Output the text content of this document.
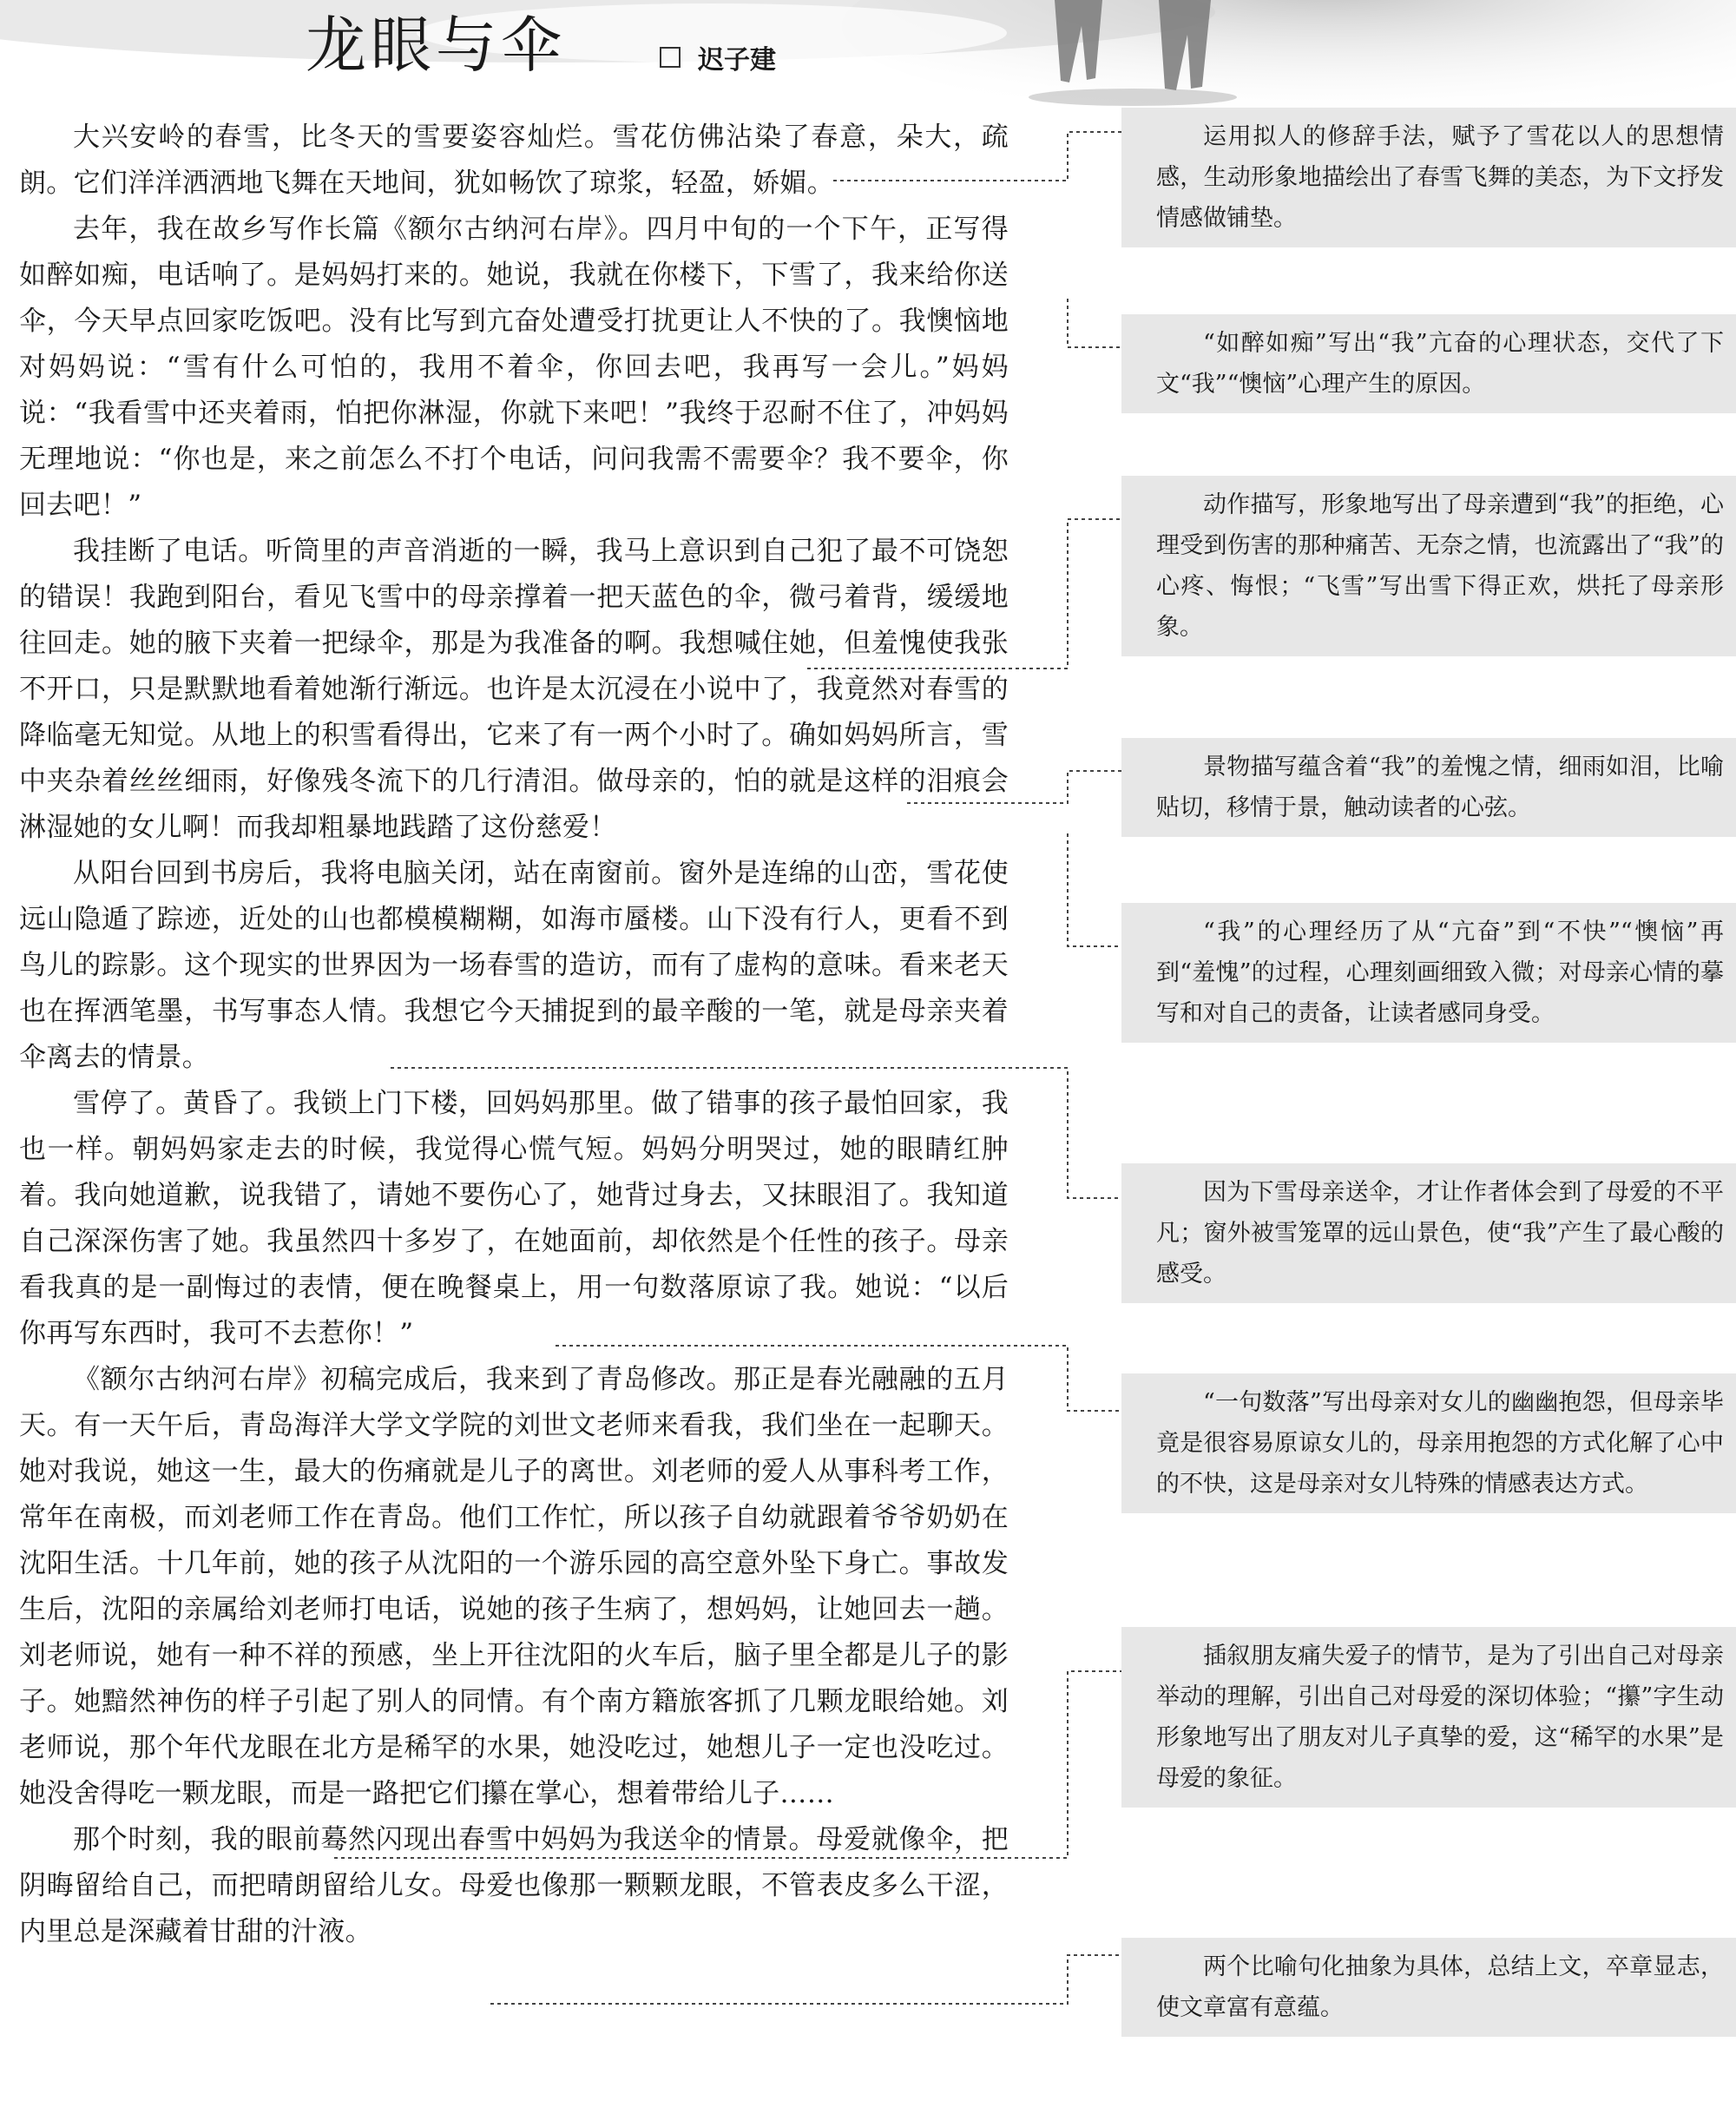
龙眼与伞	迟子建

大兴安岭的春雪，比冬天的雪要姿容灿烂。雪花仿佛沾染了春意，朵大，疏朗。它们洋洋洒洒地飞舞在天地间，犹如畅饮了琼浆，轻盈，娇媚。

去年，我在故乡写作长篇《额尔古纳河右岸》。四月中旬的一个下午，正写得如醉如痴，电话响了。是妈妈打来的。她说，我就在你楼下，下雪了，我来给你送伞，今天早点回家吃饭吧。没有比写到亢奋处遭受打扰更让人不快的了。我懊恼地对妈妈说：“雪有什么可怕的，我用不着伞，你回去吧，我再写一会儿。”妈妈说：“我看雪中还夹着雨，怕把你淋湿，你就下来吧！”我终于忍耐不住了，冲妈妈无理地说：“你也是，来之前怎么不打个电话，问问我需不需要伞？我不要伞，你回去吧！”

我挂断了电话。听筒里的声音消逝的一瞬，我马上意识到自己犯了最不可饶恕的错误！我跑到阳台，看见飞雪中的母亲撑着一把天蓝色的伞，微弓着背，缓缓地往回走。她的腋下夹着一把绿伞，那是为我准备的啊。我想喊住她，但羞愧使我张不开口，只是默默地看着她渐行渐远。也许是太沉浸在小说中了，我竟然对春雪的降临毫无知觉。从地上的积雪看得出，它来了有一两个小时了。确如妈妈所言，雪中夹杂着丝丝细雨，好像残冬流下的几行清泪。做母亲的，怕的就是这样的泪痕会淋湿她的女儿啊！而我却粗暴地践踏了这份慈爱！

从阳台回到书房后，我将电脑关闭，站在南窗前。窗外是连绵的山峦，雪花使远山隐遁了踪迹，近处的山也都模模糊糊，如海市蜃楼。山下没有行人，更看不到鸟儿的踪影。这个现实的世界因为一场春雪的造访，而有了虚构的意味。看来老天也在挥洒笔墨，书写事态人情。我想它今天捕捉到的最辛酸的一笔，就是母亲夹着伞离去的情景。

雪停了。黄昏了。我锁上门下楼，回妈妈那里。做了错事的孩子最怕回家，我也一样。朝妈妈家走去的时候，我觉得心慌气短。妈妈分明哭过，她的眼睛红肿着。我向她道歉，说我错了，请她不要伤心了，她背过身去，又抹眼泪了。我知道自己深深伤害了她。我虽然四十多岁了，在她面前，却依然是个任性的孩子。母亲看我真的是一副悔过的表情，便在晚餐桌上，用一句数落原谅了我。她说：“以后你再写东西时，我可不去惹你！”

《额尔古纳河右岸》初稿完成后，我来到了青岛修改。那正是春光融融的五月天。有一天午后，青岛海洋大学文学院的刘世文老师来看我，我们坐在一起聊天。她对我说，她这一生，最大的伤痛就是儿子的离世。刘老师的爱人从事科考工作，常年在南极，而刘老师工作在青岛。他们工作忙，所以孩子自幼就跟着爷爷奶奶在沈阳生活。十几年前，她的孩子从沈阳的一个游乐园的高空意外坠下身亡。事故发生后，沈阳的亲属给刘老师打电话，说她的孩子生病了，想妈妈，让她回去一趟。刘老师说，她有一种不祥的预感，坐上开往沈阳的火车后，脑子里全都是儿子的影子。她黯然神伤的样子引起了别人的同情。有个南方籍旅客抓了几颗龙眼给她。刘老师说，那个年代龙眼在北方是稀罕的水果，她没吃过，她想儿子一定也没吃过。她没舍得吃一颗龙眼，而是一路把它们攥在掌心，想着带给儿子……

那个时刻，我的眼前蓦然闪现出春雪中妈妈为我送伞的情景。母爱就像伞，把阴晦留给自己，而把晴朗留给儿女。母爱也像那一颗颗龙眼，不管表皮多么干涩，内里总是深藏着甘甜的汁液。

运用拟人的修辞手法，赋予了雪花以人的思想情感，生动形象地描绘出了春雪飞舞的美态，为下文抒发情感做铺垫。

“如醉如痴”写出“我”亢奋的心理状态，交代了下文“我”“懊恼”心理产生的原因。

动作描写，形象地写出了母亲遭到“我”的拒绝，心理受到伤害的那种痛苦、无奈之情，也流露出了“我”的心疼、悔恨；“飞雪”写出雪下得正欢，烘托了母亲形象。

景物描写蕴含着“我”的羞愧之情，细雨如泪，比喻贴切，移情于景，触动读者的心弦。

“我”的心理经历了从“亢奋”到“不快”“懊恼”再到“羞愧”的过程，心理刻画细致入微；对母亲心情的摹写和对自己的责备，让读者感同身受。

因为下雪母亲送伞，才让作者体会到了母爱的不平凡；窗外被雪笼罩的远山景色，使“我”产生了最心酸的感受。

“一句数落”写出母亲对女儿的幽幽抱怨，但母亲毕竟是很容易原谅女儿的，母亲用抱怨的方式化解了心中的不快，这是母亲对女儿特殊的情感表达方式。

插叙朋友痛失爱子的情节，是为了引出自己对母亲举动的理解，引出自己对母爱的深切体验；“攥”字生动形象地写出了朋友对儿子真挚的爱，这“稀罕的水果”是母爱的象征。

两个比喻句化抽象为具体，总结上文，卒章显志，使文章富有意蕴。
